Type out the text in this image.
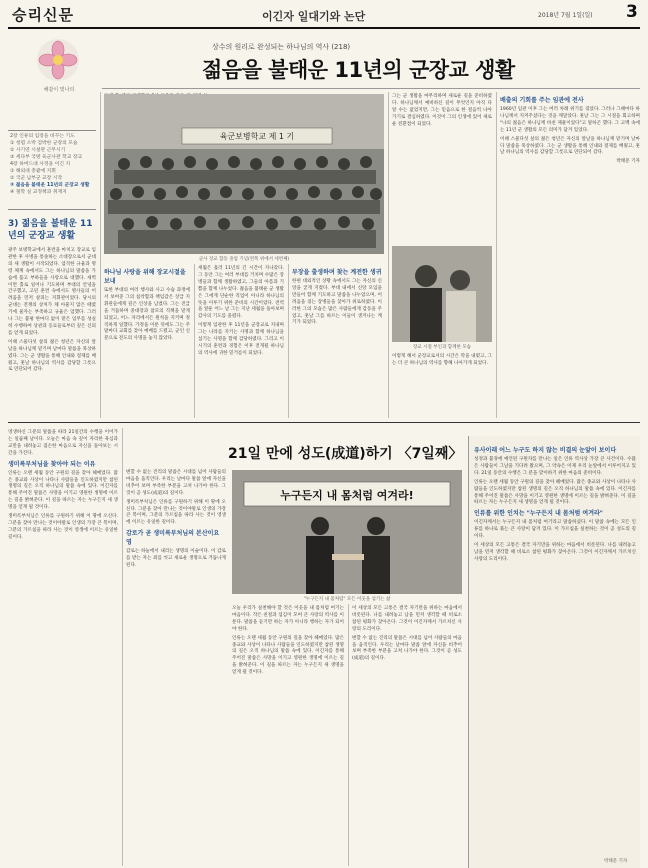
승리신문	이긴자 일대기와 논단	2018년 7월 1일(일) 3
해같이 빛나리
상수의 원리로 완성되는 하나님의 역사 (218)
젊음을 불태운 11년의 군장교 생활
2장 인류의 입장을 바꾸는 기도
① 청렴 소박 검박한 군장의 모습
② 사기연 시설관 근무시기
③ 세다부 국방 육군사관 학교 장교
4장 하버드대 사정을 이긴 지
① 해외대 총괄에 지휘
② 국군 남부군 교장 시작
③ 젊음을 불태운 11년의 군장교 생활
④ 철학 실 교정책과 취재지
3) 젊음을 불태운 11년의 군장교 생활

광주 보병학교에서 훈련을 마치고 장교로 임관한 후 사병을 통솔하는 소대장으로서 군대의 새 생활이 시작되었다. 엄격한 규율과 명령 체계 속에서도 그는 하나님의 말씀을 가슴에 품고 부하들을 사랑으로 대했다. 새벽이면 홀로 일어나 기도하며 부대의 안녕을 간구했고, 고된 훈련 속에서도 병사들의 어려움을 먼저 살피는 지휘관이었다. 당시의 군대는 전쟁의 상처가 채 아물지 않은 때였기에 물자는 부족하고 규율은 엄했다. 그러나 그는 불평 한마디 없이 맡은 임무를 성실히 수행하여 상관과 동료들로부터 깊은 신뢰를 얻게 되었다.

이때 스물다섯 살의 젊은 청년은 자신의 앞날을 하나님께 맡기며 날마다 말씀을 묵상하였다. 그는 군 생활을 통해 인내와 절제를 배웠고, 훗날 하나님의 역사를 감당할 그릇으로 연단되어 갔다.

육군보병학교 제 1 기
군사 장교 합동 졸업 기념(왼쪽 위에서 세번째)
하나님 사랑을 위해 장교시절을 보내

또한 부대의 여러 행사와 사고 수습 과정에서 보여준 그의 침착함과 책임감은 상급 지휘관들에게 깊은 인상을 남겼다. 그는 진급을 거듭하며 중대장과 참모의 직책을 맡게 되었고, 어느 자리에서든 원칙을 지키며 정직하게 일했다. 가정을 이룬 뒤에도 그는 주말마다 교회를 찾아 예배를 드렸고, 군인 신분으로 전도의 사명을 놓지 않았다.

세월은 흘러 11년의 긴 시간이 지나갔다. 그 동안 그는 여러 부대를 거치며 수많은 장병들과 함께 생활하였고, 그들의 아픔과 기쁨을 함께 나누었다. 젊음을 불태운 군 생활은 그에게 단순한 직업이 아니라 하나님의 뜻을 이루기 위한 준비의 시간이었다. 전역을 앞둔 어느 날 그는 지난 세월을 돌아보며 감사의 기도를 올렸다.

이렇게 임관한 후 11년을 군장교로 지내며 그는 나라를 지키는 사명과 함께 하나님을 섬기는 사명을 함께 감당하였다. 그리고 이 시기의 훈련과 경험은 이후 전개될 하나님의 역사에 귀한 밑거름이 되었다.

부장을 출생하며 찾는 계전한 생귀

한편 대외적인 상황 속에서도 그는 자신의 신앙을 굳게 지켰다. 부대 내에서 신앙 모임을 만들어 함께 기도하고 말씀을 나누었으며, 어려움을 겪는 장병들을 찾아가 위로하였다. 이러한 그의 모습은 많은 사람들에게 감동을 주었고, 훗날 그를 따르는 이들이 생겨나는 계기가 되었다.

그는 군 생활을 마무리하며 새로운 길을 준비하였다. 하나님께서 예비하신 길이 무엇인지 아직 다 알 수는 없었지만, 그는 믿음으로 한 걸음씩 나아가기로 결심하였다. 이것이 그의 인생에 있어 새로운 전환점이 되었다.

장교 시절 부인과 함께한 모습

이렇게 해서 군장교로서의 시간은 막을 내렸고, 그는 더 큰 하나님의 역사를 향해 나아가게 되었다.

배출의 기회를 주는 임관에 전사

1960년 임관 이후 그는 여러 차례 위기를 겪었다. 그러나 그때마다 하나님께서 지켜주셨다는 것을 깨달았다. 훗날 그는 그 시절을 회고하며 "나의 젊음은 하나님께 바친 제물이었다"고 말하곤 했다. 그 고백 속에는 11년 군 생활의 모든 의미가 담겨 있었다.

이때 스물다섯 살의 젊은 청년은 자신의 앞날을 하나님께 맡기며 날마다 말씀을 묵상하였다. 그는 군 생활을 통해 인내와 절제를 배웠고, 훗날 하나님의 역사를 감당할 그릇으로 연단되어 갔다.

박태문 기자

21일 만에 성도(成道)하기 〈7일째〉

영생하신 그분의 말씀을 따라 21일간의 수행을 이어가는 일곱째 날이다. 오늘은 마음 속 깊이 자리한 욕심과 교만을 내려놓고 겸손한 마음으로 자신을 돌아보는 시간을 가진다.

생미륵부처님을 찾아야 되는 이유

인류는 오랜 세월 동안 구원의 길을 찾아 헤매었다. 많은 종교와 사상이 나타나 사람들을 인도하였지만 참된 생명의 길은 오직 하나님의 말씀 속에 있다. 이긴자를 통해 주어진 말씀은 사망을 이기고 영원한 생명에 이르는 길을 밝혀준다. 이 길을 따르는 자는 누구든지 새 생명을 얻게 될 것이다.

생미륵부처님은 인류를 구원하기 위해 이 땅에 오신다. 그분을 찾아 만나는 것이야말로 인생의 가장 큰 복이며, 그분의 가르침을 따라 사는 것이 영생에 이르는 유일한 길이다.

변할 수 없는 진리의 말씀은 시대를 넘어 사람들의 마음을 움직인다. 우리는 날마다 말씀 앞에 자신을 비추어 보며 부족한 부분을 고쳐 나가야 한다. 그것이 곧 성도(成道)의 길이다.

생미륵부처님은 인류를 구원하기 위해 이 땅에 오신다. 그분을 찾아 만나는 것이야말로 인생의 가장 큰 복이며, 그분의 가르침을 따라 사는 것이 영생에 이르는 유일한 길이다.

감로가 곧 생미륵부처님의 본산이요 영

감로는 하늘에서 내리는 생명의 이슬이다. 이 감로를 받는 자는 죄를 씻고 새로운 생명으로 거듭나게 된다.

누구든지 내 몸처럼 여겨라!
"누구든지 내 몸처럼" 모든 이웃을 섬기는 삶

오늘 우리가 실천해야 할 것은 이웃을 내 몸처럼 여기는 마음이다. 작은 친절과 섬김이 모여 큰 사랑의 역사를 이룬다. 말씀을 듣기만 하는 자가 아니라 행하는 자가 되어야 한다.

인류는 오랜 세월 동안 구원의 길을 찾아 헤매었다. 많은 종교와 사상이 나타나 사람들을 인도하였지만 참된 생명의 길은 오직 하나님의 말씀 속에 있다. 이긴자를 통해 주어진 말씀은 사망을 이기고 영원한 생명에 이르는 길을 밝혀준다. 이 길을 따르는 자는 누구든지 새 생명을 얻게 될 것이다.

이 세상의 모든 고통은 결국 자기만을 위하는 마음에서 비롯된다. 나를 내려놓고 남을 먼저 생각할 때 비로소 참된 평화가 찾아온다. 그것이 이긴자께서 가르치신 사랑의 도리이다.

변할 수 없는 진리의 말씀은 시대를 넘어 사람들의 마음을 움직인다. 우리는 날마다 말씀 앞에 자신을 비추어 보며 부족한 부분을 고쳐 나가야 한다. 그것이 곧 성도(成道)의 길이다.

유사이래 어느 누구도 하지 않는 비결의 눈앞이 보이다

성경과 불경에 예언된 구원자를 만나는 일은 인류 역사상 가장 큰 사건이다. 수많은 사람들이 그날을 기다려 왔으며, 그 약속은 이제 우리 눈앞에서 이루어지고 있다. 21일 동안의 수행은 그 분을 맞이하기 위한 마음의 준비이다.

인류는 오랜 세월 동안 구원의 길을 찾아 헤매었다. 많은 종교와 사상이 나타나 사람들을 인도하였지만 참된 생명의 길은 오직 하나님의 말씀 속에 있다. 이긴자를 통해 주어진 말씀은 사망을 이기고 영원한 생명에 이르는 길을 밝혀준다. 이 길을 따르는 자는 누구든지 새 생명을 얻게 될 것이다.

인류를 위한 인치는 "누구든지 내 몸처럼 여겨라"

이긴자께서는 누구든지 내 몸처럼 여기라고 말씀하셨다. 이 말씀 속에는 모든 인류를 하나로 묶는 큰 사랑이 담겨 있다. 이 가르침을 실천하는 것이 곧 성도의 길이다.

이 세상의 모든 고통은 결국 자기만을 위하는 마음에서 비롯된다. 나를 내려놓고 남을 먼저 생각할 때 비로소 참된 평화가 찾아온다. 그것이 이긴자께서 가르치신 사랑의 도리이다.

박태문 기자
